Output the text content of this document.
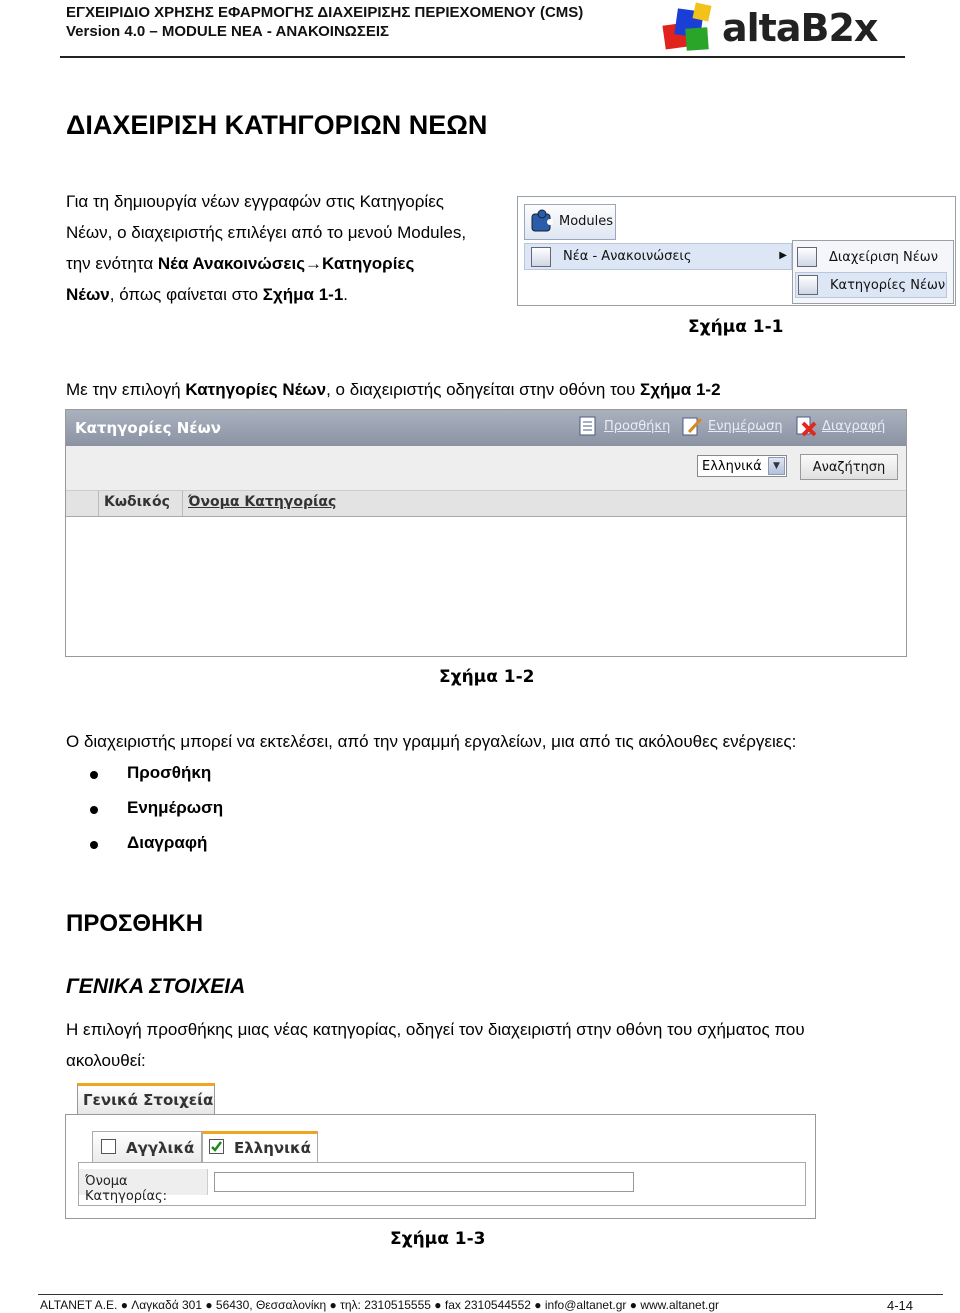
ΕΓΧΕΙΡΙΔΙΟ ΧΡΗΣΗΣ ΕΦΑΡΜΟΓΗΣ ΔΙΑΧΕΙΡΙΣΗΣ ΠΕΡΙΕΧΟΜΕΝΟΥ (CMS)
Version 4.0 – MODULE ΝΕΑ - ΑΝΑΚΟΙΝΩΣΕΙΣ	altaB2x
ΔΙΑΧΕΙΡΙΣΗ ΚΑΤΗΓΟΡΙΩΝ ΝΕΩΝ
Για τη δημιουργία νέων εγγραφών στις Κατηγορίες
Νέων, ο διαχειριστής επιλέγει από το μενού Modules,
την ενότητα Νέα Ανακοινώσεις→Κατηγορίες
Νέων, όπως φαίνεται στο Σχήμα 1-1.
Modules
Νέα - Ανακοινώσεις	▶	Διαχείριση Νέων
Κατηγορίες Νέων
Σχήμα 1-1
Με την επιλογή Κατηγορίες Νέων, ο διαχειριστής οδηγείται στην οθόνη του Σχήμα 1-2
Κατηγορίες Νέων	Προσθήκη	Ενημέρωση	Διαγραφή
Ελληνικά	▼	Αναζήτηση
Κωδικός Όνομα Κατηγορίας
Σχήμα 1-2
Ο διαχειριστής μπορεί να εκτελέσει, από την γραμμή εργαλείων, μια από τις ακόλουθες ενέργειες:
Προσθήκη
Ενημέρωση
Διαγραφή
ΠΡΟΣΘΗΚΗ
ΓΕΝΙΚΑ ΣΤΟΙΧΕΙΑ
Η επιλογή προσθήκης μιας νέας κατηγορίας, οδηγεί τον διαχειριστή στην οθόνη του σχήματος που
ακολουθεί:
Γενικά Στοιχεία
Αγγλικά	Ελληνικά
Όνομα Κατηγορίας:
Σχήμα 1-3
ALTANET A.E. ● Λαγκαδά 301 ● 56430, Θεσσαλονίκη ● τηλ: 2310515555 ● fax 2310544552 ● info@altanet.gr ● www.altanet.gr	4-14
